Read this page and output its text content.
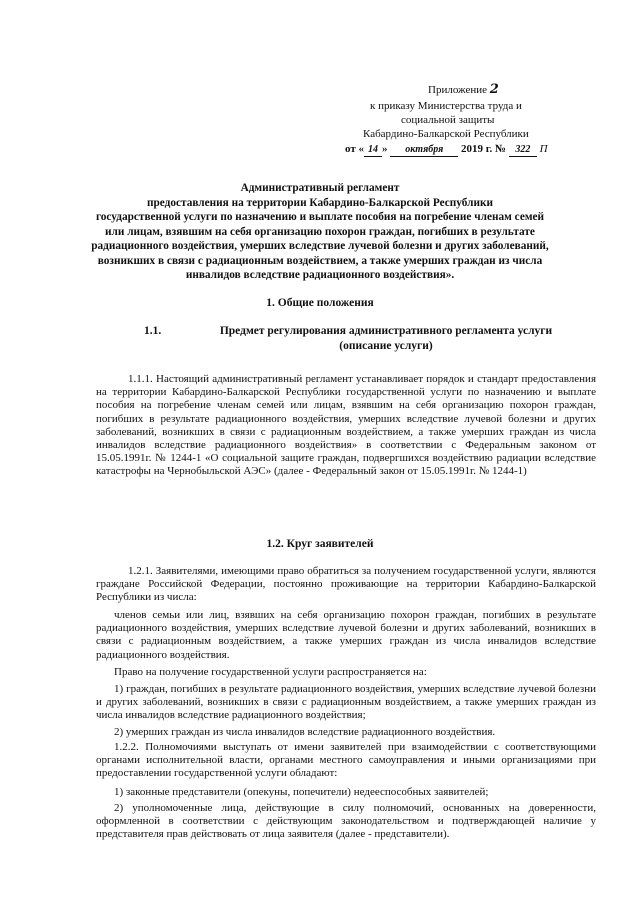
Приложение 2
к приказу Министерства труда и
социальной защиты
Кабардино-Балкарской Республики
от « 14 » октября 2019 г. № 322 П
Административный регламент
предоставления на территории Кабардино-Балкарской Республики
государственной услуги по назначению и выплате пособия на погребение членам семей
или лицам, взявшим на себя организацию похорон граждан, погибших в результате
радиационного воздействия, умерших вследствие лучевой болезни и других заболеваний,
возникших в связи с радиационным воздействием, а также умерших граждан из числа
инвалидов вследствие радиационного воздействия».
1. Общие положения
1.1.	Предмет регулирования административного регламента услуги
(описание услуги)
1.1.1. Настоящий административный регламент устанавливает порядок и стандарт предоставления на территории Кабардино-Балкарской Республики государственной услуги по назначению и выплате пособия на погребение членам семей или лицам, взявшим на себя организацию похорон граждан, погибших в результате радиационного воздействия, умерших вследствие лучевой болезни и других заболеваний, возникших в связи с радиационным воздействием, а также умерших граждан из числа инвалидов вследствие радиационного воздействия» в соответствии с Федеральным законом от 15.05.1991г. № 1244-1 «О социальной защите граждан, подвергшихся воздействию радиации вследствие катастрофы на Чернобыльской АЭС» (далее - Федеральный закон от 15.05.1991г. № 1244-1)
1.2. Круг заявителей
1.2.1. Заявителями, имеющими право обратиться за получением государственной услуги, являются граждане Российской Федерации, постоянно проживающие на территории Кабардино-Балкарской Республики из числа:
членов семьи или лиц, взявших на себя организацию похорон граждан, погибших в результате радиационного воздействия, умерших вследствие лучевой болезни и других заболеваний, возникших в связи с радиационным воздействием, а также умерших граждан из числа инвалидов вследствие радиационного воздействия.
Право на получение государственной услуги распространяется на:
1) граждан, погибших в результате радиационного воздействия, умерших вследствие лучевой болезни и других заболеваний, возникших в связи с радиационным воздействием, а также умерших граждан из числа инвалидов вследствие радиационного воздействия;
2) умерших граждан из числа инвалидов вследствие радиационного воздействия.
1.2.2. Полномочиями выступать от имени заявителей при взаимодействии с соответствующими органами исполнительной власти, органами местного самоуправления и иными организациями при предоставлении государственной услуги обладают:
1) законные представители (опекуны, попечители) недееспособных заявителей;
2) уполномоченные лица, действующие в силу полномочий, основанных на доверенности, оформленной в соответствии с действующим законодательством и подтверждающей наличие у представителя прав действовать от лица заявителя (далее - представители).
